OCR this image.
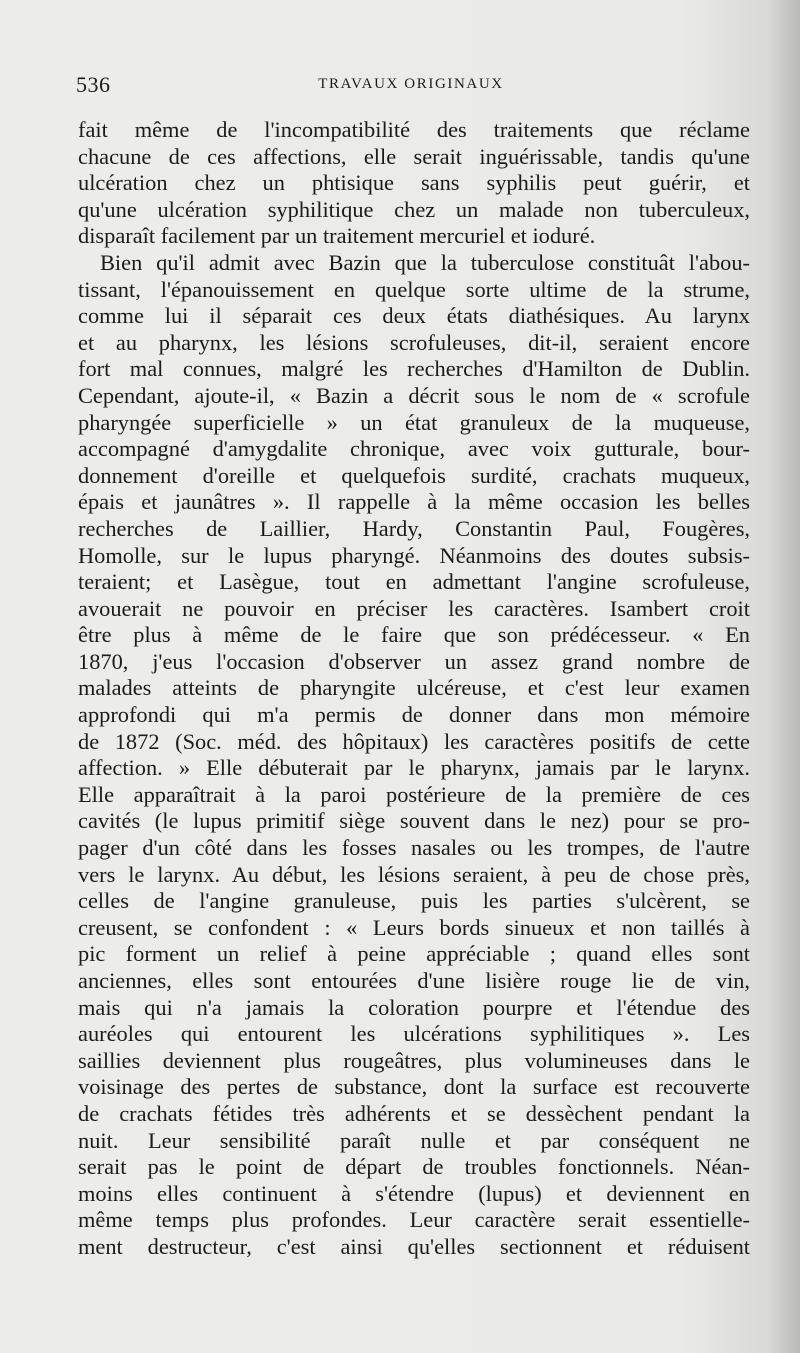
536	TRAVAUX ORIGINAUX
fait même de l'incompatibilité des traitements que réclame
chacune de ces affections, elle serait inguérissable, tandis qu'une
ulcération chez un phtisique sans syphilis peut guérir, et
qu'une ulcération syphilitique chez un malade non tuberculeux,
disparaît facilement par un traitement mercuriel et ioduré.
Bien qu'il admit avec Bazin que la tuberculose constituât l'abou-
tissant, l'épanouissement en quelque sorte ultime de la strume,
comme lui il séparait ces deux états diathésiques. Au larynx
et au pharynx, les lésions scrofuleuses, dit-il, seraient encore
fort mal connues, malgré les recherches d'Hamilton de Dublin.
Cependant, ajoute-il, « Bazin a décrit sous le nom de « scrofule
pharyngée superficielle » un état granuleux de la muqueuse,
accompagné d'amygdalite chronique, avec voix gutturale, bour-
donnement d'oreille et quelquefois surdité, crachats muqueux,
épais et jaunâtres ». Il rappelle à la même occasion les belles
recherches de Laillier, Hardy, Constantin Paul, Fougères,
Homolle, sur le lupus pharyngé. Néanmoins des doutes subsis-
teraient; et Lasègue, tout en admettant l'angine scrofuleuse,
avouerait ne pouvoir en préciser les caractères. Isambert croit
être plus à même de le faire que son prédécesseur. « En
1870, j'eus l'occasion d'observer un assez grand nombre de
malades atteints de pharyngite ulcéreuse, et c'est leur examen
approfondi qui m'a permis de donner dans mon mémoire
de 1872 (Soc. méd. des hôpitaux) les caractères positifs de cette
affection. » Elle débuterait par le pharynx, jamais par le larynx.
Elle apparaîtrait à la paroi postérieure de la première de ces
cavités (le lupus primitif siège souvent dans le nez) pour se pro-
pager d'un côté dans les fosses nasales ou les trompes, de l'autre
vers le larynx. Au début, les lésions seraient, à peu de chose près,
celles de l'angine granuleuse, puis les parties s'ulcèrent, se
creusent, se confondent : « Leurs bords sinueux et non taillés à
pic forment un relief à peine appréciable ; quand elles sont
anciennes, elles sont entourées d'une lisière rouge lie de vin,
mais qui n'a jamais la coloration pourpre et l'étendue des
auréoles qui entourent les ulcérations syphilitiques ». Les
saillies deviennent plus rougeâtres, plus volumineuses dans le
voisinage des pertes de substance, dont la surface est recouverte
de crachats fétides très adhérents et se dessèchent pendant la
nuit. Leur sensibilité paraît nulle et par conséquent ne
serait pas le point de départ de troubles fonctionnels. Néan-
moins elles continuent à s'étendre (lupus) et deviennent en
même temps plus profondes. Leur caractère serait essentielle-
ment destructeur, c'est ainsi qu'elles sectionnent et réduisent
